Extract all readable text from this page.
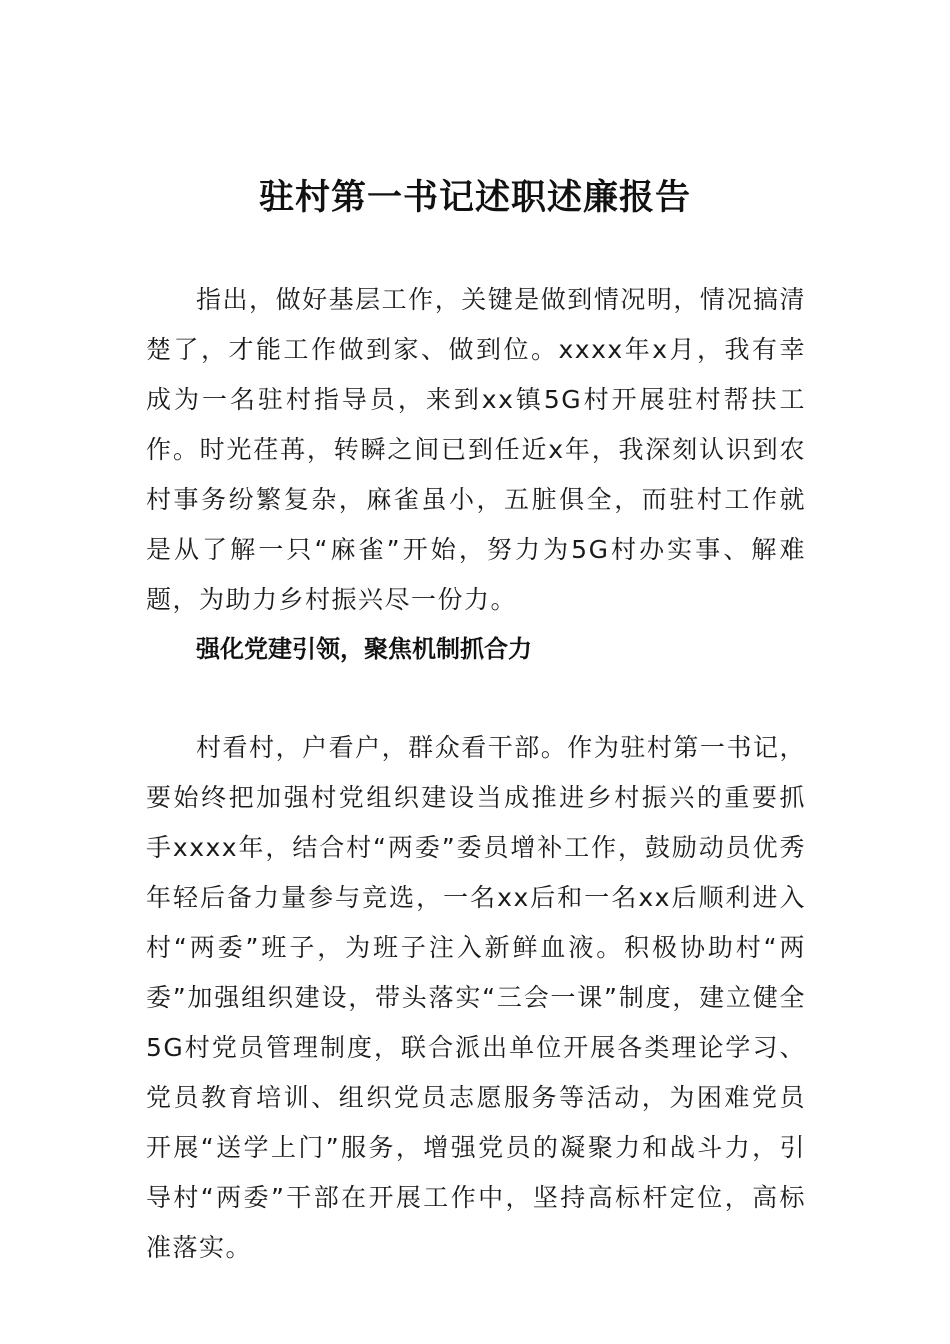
驻村第一书记述职述廉报告

指出，做好基层工作，关键是做到情况明，情况搞清楚了，才能工作做到家、做到位。xxxx年x月，我有幸成为一名驻村指导员，来到xx镇5G村开展驻村帮扶工作。时光荏苒，转瞬之间已到任近x年，我深刻认识到农村事务纷繁复杂，麻雀虽小，五脏俱全，而驻村工作就是从了解一只“麻雀”开始，努力为5G村办实事、解难题，为助力乡村振兴尽一份力。

强化党建引领，聚焦机制抓合力

村看村，户看户，群众看干部。作为驻村第一书记，要始终把加强村党组织建设当成推进乡村振兴的重要抓手xxxx年，结合村“两委”委员增补工作，鼓励动员优秀年轻后备力量参与竞选，一名xx后和一名xx后顺利进入村“两委”班子，为班子注入新鲜血液。积极协助村“两委”加强组织建设，带头落实“三会一课”制度，建立健全5G村党员管理制度，联合派出单位开展各类理论学习、党员教育培训、组织党员志愿服务等活动，为困难党员开展“送学上门”服务，增强党员的凝聚力和战斗力，引导村“两委”干部在开展工作中，坚持高标杆定位，高标准落实。
